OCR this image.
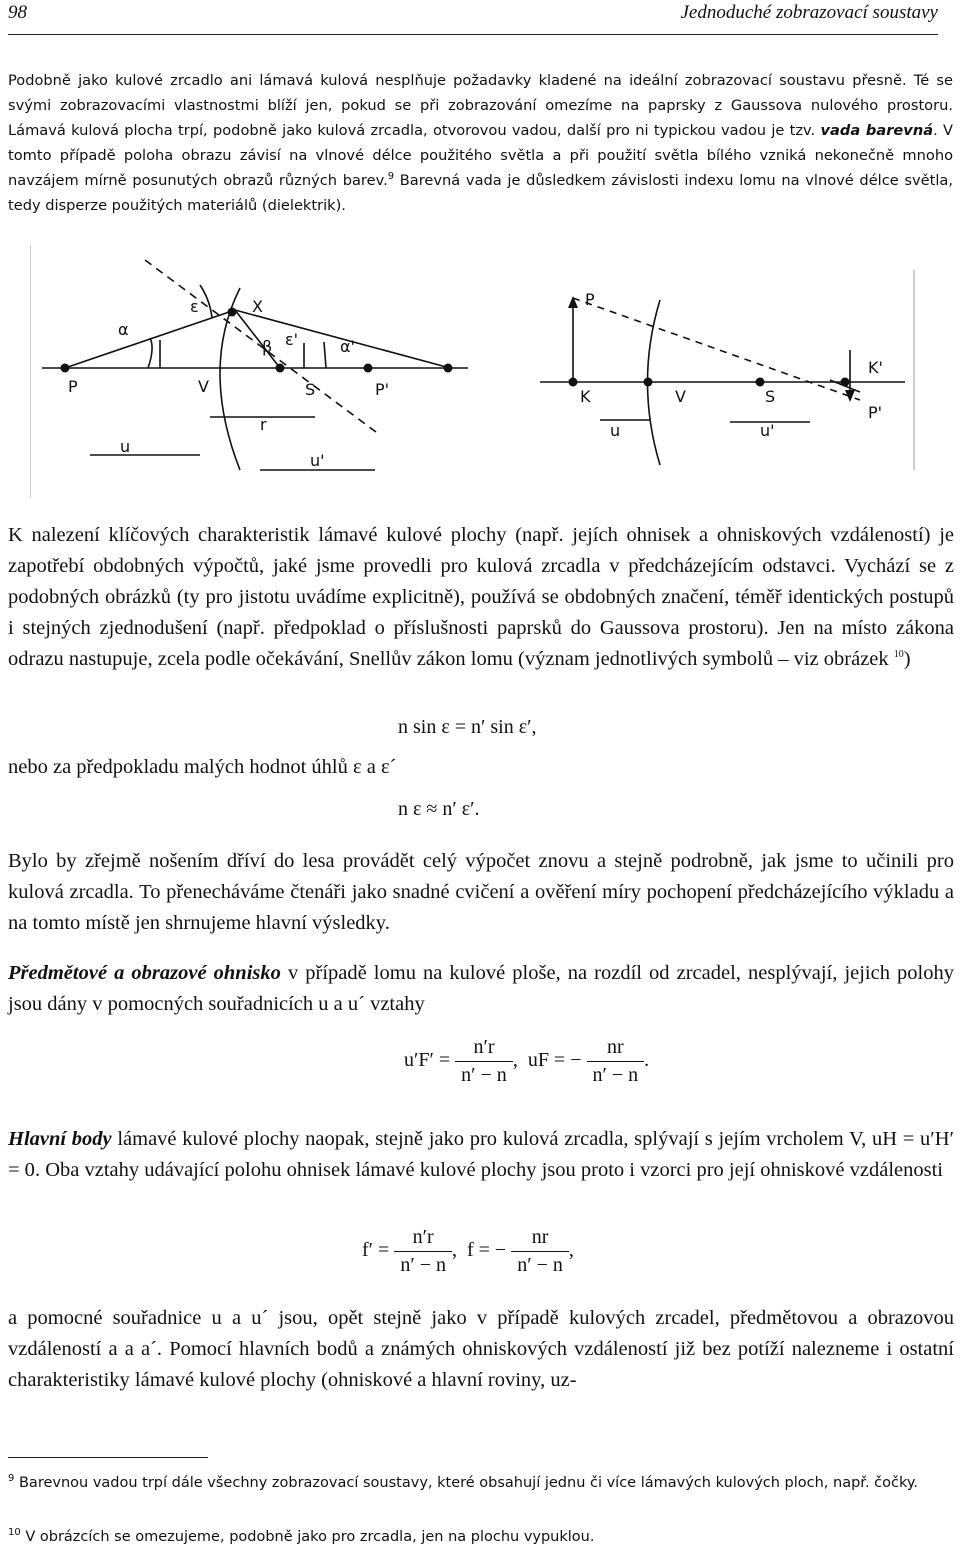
98	Jednoduché zobrazovací soustavy
Podobně jako kulové zrcadlo ani lámavá kulová nesplňuje požadavky kladené na ideální zobrazovací soustavu přesně. Té se svými zobrazovacími vlastnostmi blíží jen, pokud se při zobrazování omezíme na paprsky z Gaussova nulového prostoru. Lámavá kulová plocha trpí, podobně jako kulová zrcadla, otvorovou vadou, další pro ni typickou vadou je tzv. vada barevná. V tomto případě poloha obrazu závisí na vlnové délce použitého světla a při použití světla bílého vzniká nekonečně mnoho navzájem mírně posunutých obrazů různých barev.$^9$ Barevná vada je důsledkem závislosti indexu lomu na vlnové délce světla, tedy disperze použitých materiálů (dielektrik).
ε	X
α
β ε'	α'
P	V	S	P'
r
u
u'
P
K	V	S
K'
P'
u	u'
K nalezení klíčových charakteristik lámavé kulové plochy (např. jejích ohnisek a ohniskových vzdáleností) je zapotřebí obdobných výpočtů, jaké jsme provedli pro kulová zrcadla v předcházejícím odstavci. Vychází se z podobných obrázků (ty pro jistotu uvádíme explicitně), používá se obdobných značení, téměř identických postupů i stejných zjednodušení (např. předpoklad o příslušnosti paprsků do Gaussova prostoru). Jen na místo zákona odrazu nastupuje, zcela podle očekávání, Snellův zákon lomu (význam jednotlivých symbolů – viz obrázek $^{10}$)
n sin ε = n′ sin ε′,
nebo za předpokladu malých hodnot úhlů ε a ε´
n ε ≈ n′ ε′.
Bylo by zřejmě nošením dříví do lesa provádět celý výpočet znovu a stejně podrobně, jak jsme to učinili pro kulová zrcadla. To přenecháváme čtenáři jako snadné cvičení a ověření míry pochopení předcházejícího výkladu a na tomto místě jen shrnujeme hlavní výsledky.
Předmětové a obrazové ohnisko v případě lomu na kulové ploše, na rozdíl od zrcadel, nesplývají, jejich polohy jsou dány v pomocných souřadnicích u a u´ vztahy
$u'F' = \frac{n'r}{n' - n}$ , uF = − $\frac{nr}{n' - n}$ .
Hlavní body lámavé kulové plochy naopak, stejně jako pro kulová zrcadla, splývají s jejím vrcholem V, uH = u′H′ = 0. Oba vztahy udávající polohu ohnisek lámavé kulové plochy jsou proto i vzorci pro její ohniskové vzdálenosti
$f' = \frac{n'r}{n' - n}$ , f = − $\frac{nr}{n' - n}$ ,
a pomocné souřadnice u a u´ jsou, opět stejně jako v případě kulových zrcadel, předmětovou a obrazovou vzdáleností a a a´. Pomocí hlavních bodů a známých ohniskových vzdáleností již bez potíží nalezneme i ostatní charakteristiky lámavé kulové plochy (ohniskové a hlavní roviny, uz-
$^9$ Barevnou vadou trpí dále všechny zobrazovací soustavy, které obsahují jednu či více lámavých kulových ploch, např. čočky.
$^{10}$ V obrázcích se omezujeme, podobně jako pro zrcadla, jen na plochu vypuklou.
